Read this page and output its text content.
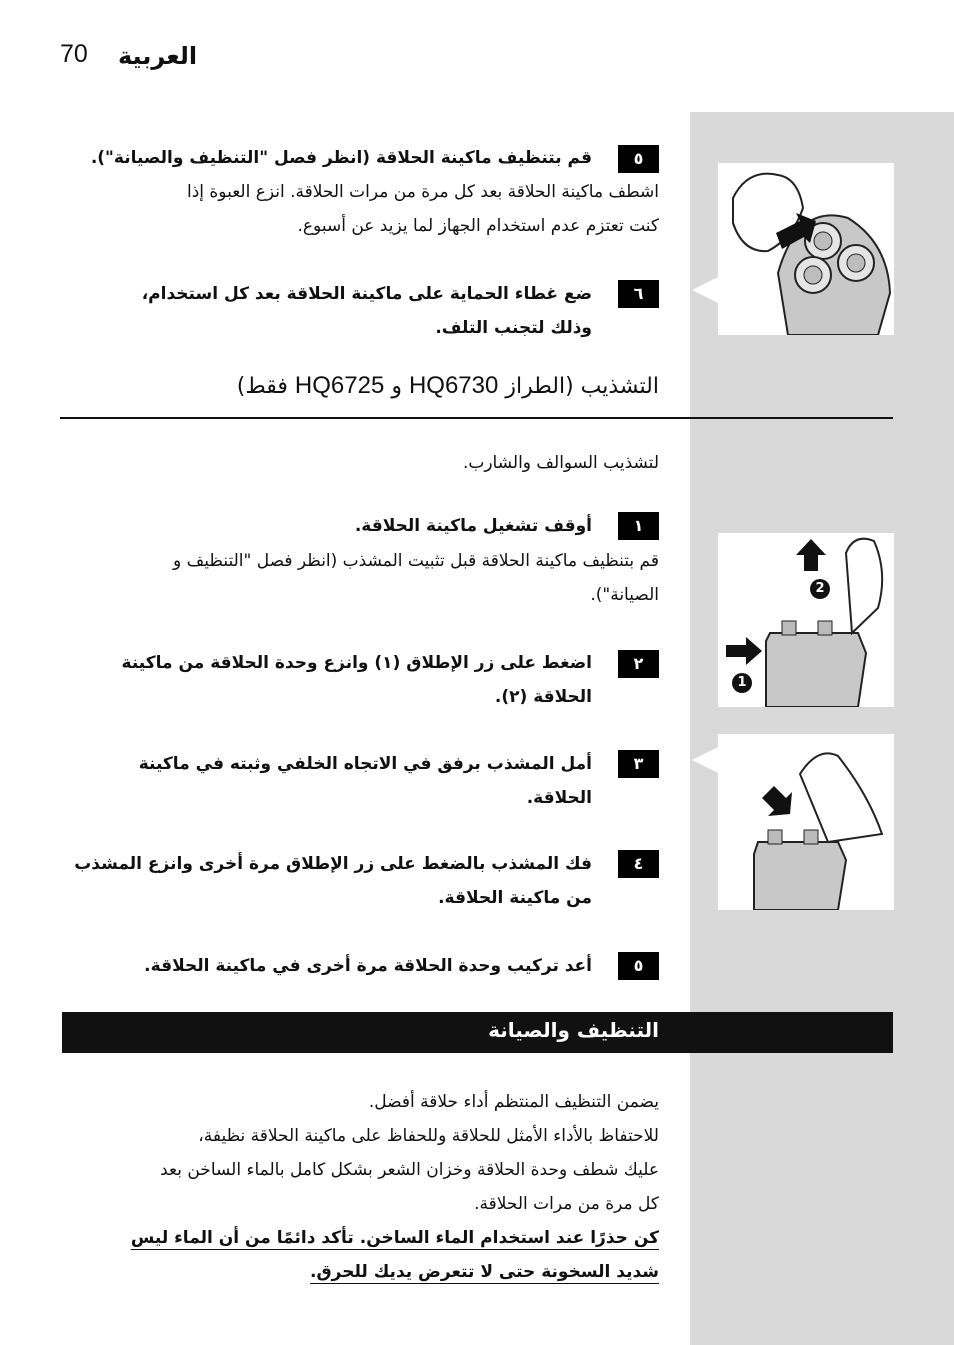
70 العربية
٥
قم بتنظيف ماكينة الحلاقة (انظر فصل "التنظيف والصيانة").
اشطف ماكينة الحلاقة بعد كل مرة من مرات الحلاقة. انزع العبوة إذا
كنت تعتزم عدم استخدام الجهاز لما يزيد عن أسبوع.
٦
ضع غطاء الحماية على ماكينة الحلاقة بعد كل استخدام،
وذلك لتجنب التلف.
التشذيب (الطراز HQ6730 و HQ6725 فقط)
لتشذيب السوالف والشارب.
١
أوقف تشغيل ماكينة الحلاقة.
قم بتنظيف ماكينة الحلاقة قبل تثبيت المشذب (انظر فصل "التنظيف و
الصيانة").
٢
اضغط على زر الإطلاق (١) وانزع وحدة الحلاقة من ماكينة
الحلاقة (٢).
٣
أمل المشذب برفق في الاتجاه الخلفي وثبته في ماكينة
الحلاقة.
٤
فك المشذب بالضغط على زر الإطلاق مرة أخرى وانزع المشذب
من ماكينة الحلاقة.
٥
أعد تركيب وحدة الحلاقة مرة أخرى في ماكينة الحلاقة.
التنظيف والصيانة
يضمن التنظيف المنتظم أداء حلاقة أفضل.
للاحتفاظ بالأداء الأمثل للحلاقة وللحفاظ على ماكينة الحلاقة نظيفة،
عليك شطف وحدة الحلاقة وخزان الشعر بشكل كامل بالماء الساخن بعد
كل مرة من مرات الحلاقة.
كن حذرًا عند استخدام الماء الساخن. تأكد دائمًا من أن الماء ليس
شديد السخونة حتى لا تتعرض يديك للحرق.
2
1
